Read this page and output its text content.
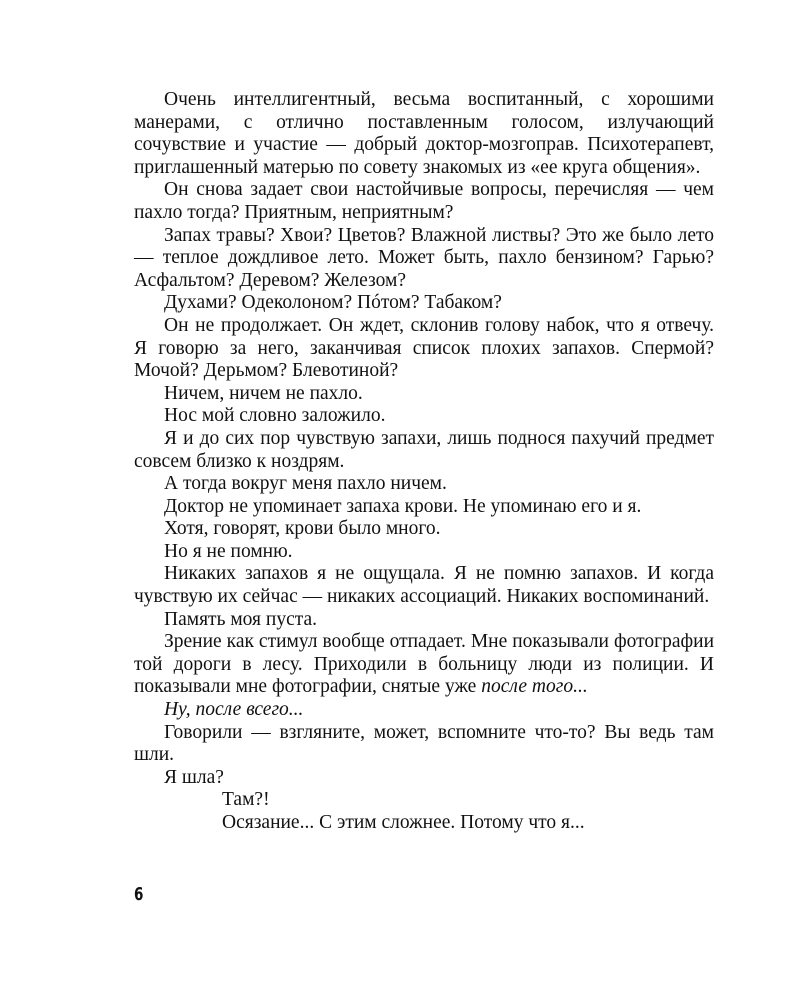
Очень интеллигентный, весьма воспитанный, с хорошими манерами, с отлично поставленным голосом, излучающий сочувствие и участие — добрый доктор-мозгоправ. Психотерапевт, приглашенный матерью по совету знакомых из «ее круга общения».

Он снова задает свои настойчивые вопросы, перечисляя — чем пахло тогда? Приятным, неприятным?

Запах травы? Хвои? Цветов? Влажной листвы? Это же было лето — теплое дождливое лето. Может быть, пахло бензином? Гарью? Асфальтом? Деревом? Железом?

Духами? Одеколоном? Пóтом? Табаком?

Он не продолжает. Он ждет, склонив голову набок, что я отвечу. Я говорю за него, заканчивая список плохих запахов. Спермой? Мочой? Дерьмом? Блевотиной?

Ничем, ничем не пахло.

Нос мой словно заложило.

Я и до сих пор чувствую запахи, лишь поднося пахучий предмет совсем близко к ноздрям.

А тогда вокруг меня пахло ничем.

Доктор не упоминает запаха крови. Не упоминаю его и я.

Хотя, говорят, крови было много.

Но я не помню.

Никаких запахов я не ощущала. Я не помню запахов. И когда чувствую их сейчас — никаких ассоциаций. Никаких воспоминаний.

Память моя пуста.

Зрение как стимул вообще отпадает. Мне показывали фотографии той дороги в лесу. Приходили в больницу люди из полиции. И показывали мне фотографии, снятые уже после того...

Ну, после всего...

Говорили — взгляните, может, вспомните что-то? Вы ведь там шли.

Я шла?

Там?!

Осязание... С этим сложнее. Потому что я...

6
